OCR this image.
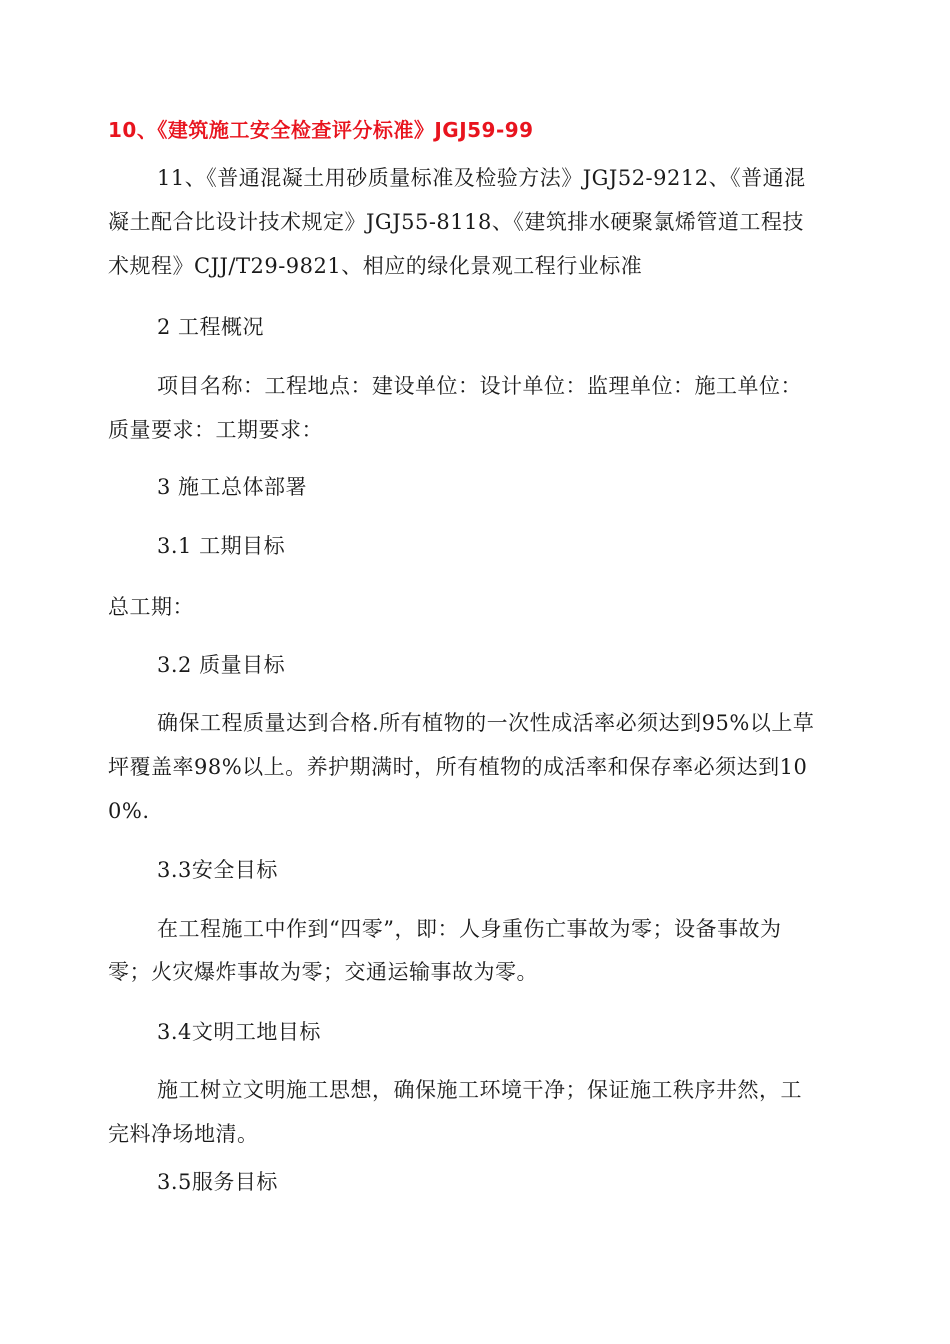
10、《建筑施工安全检查评分标准》JGJ59-99
11、《普通混凝土用砂质量标准及检验方法》JGJ52-9212、《普通混
凝土配合比设计技术规定》JGJ55-8118、《建筑排水硬聚氯烯管道工程技
术规程》CJJ/T29-9821、相应的绿化景观工程行业标准
2 工程概况
项目名称：工程地点：建设单位：设计单位：监理单位：施工单位：
质量要求：工期要求：
3 施工总体部署
3.1 工期目标
总工期：
3.2 质量目标
确保工程质量达到合格.所有植物的一次性成活率必须达到95%以上草
坪覆盖率98%以上。养护期满时，所有植物的成活率和保存率必须达到10
0%.
3.3安全目标
在工程施工中作到“四零”，即：人身重伤亡事故为零；设备事故为
零；火灾爆炸事故为零；交通运输事故为零。
3.4文明工地目标
施工树立文明施工思想，确保施工环境干净；保证施工秩序井然，工
完料净场地清。
3.5服务目标
